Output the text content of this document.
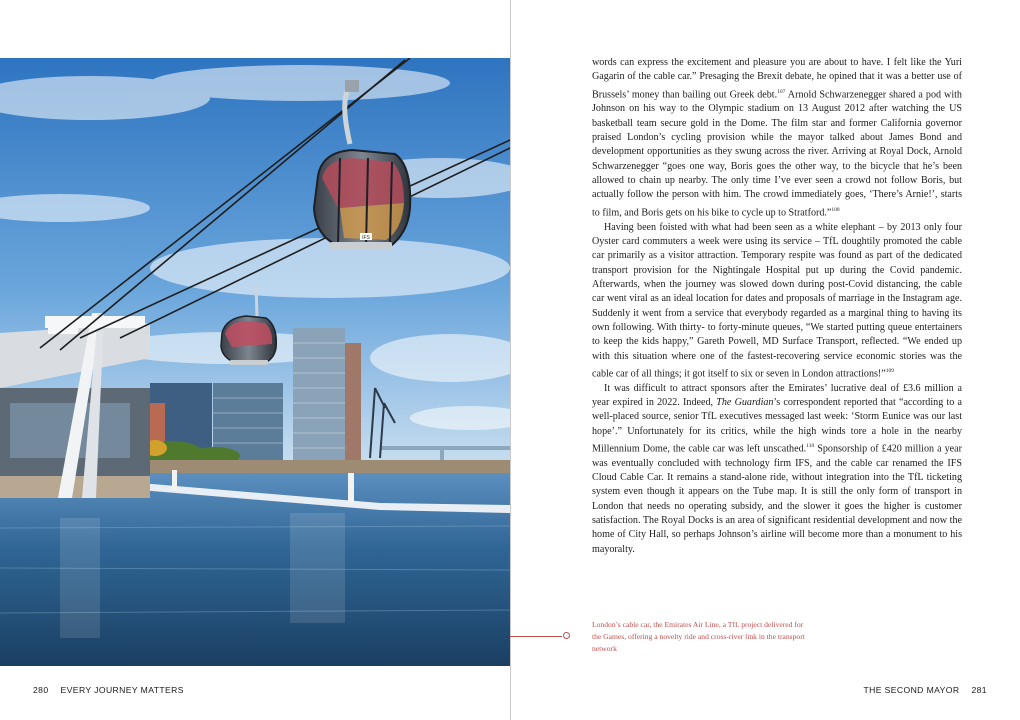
IFS
280 EVERY JOURNEY MATTERS

words can express the excitement and pleasure you are about to have. I felt like the Yuri Gagarin of the cable car.” Presaging the Brexit debate, he opined that it was a better use of Brussels’ money than bailing out Greek debt.$^{107}$ Arnold Schwarzenegger shared a pod with Johnson on his way to the Olympic stadium on 13 August 2012 after watching the US basketball team secure gold in the Dome. The film star and former California governor praised London’s cycling provision while the mayor talked about James Bond and development opportunities as they swung across the river. Arriving at Royal Dock, Arnold Schwarzenegger “goes one way, Boris goes the other way, to the bicycle that he’s been allowed to chain up nearby. The only time I’ve ever seen a crowd not follow Boris, but actually follow the person with him. The crowd immediately goes, ‘There’s Arnie!’, starts to film, and Boris gets on his bike to cycle up to Stratford.”$^{108}$

Having been foisted with what had been seen as a white elephant – by 2013 only four Oyster card commuters a week were using its service – TfL doughtily promoted the cable car primarily as a visitor attraction. Temporary respite was found as part of the dedicated transport provision for the Nightingale Hospital put up during the Covid pandemic. Afterwards, when the journey was slowed down during post-Covid distancing, the cable car went viral as an ideal location for dates and proposals of marriage in the Instagram age. Suddenly it went from a service that everybody regarded as a marginal thing to having its own following. With thirty- to forty-minute queues, “We started putting queue entertainers to keep the kids happy,” Gareth Powell, MD Surface Transport, reflected. “We ended up with this situation where one of the fastest-recovering service economic stories was the cable car of all things; it got itself to six or seven in London attractions!”$^{109}$

It was difficult to attract sponsors after the Emirates’ lucrative deal of £3.6 million a year expired in 2022. Indeed, The Guardian’s correspondent reported that “according to a well-placed source, senior TfL executives messaged last week: ‘Storm Eunice was our last hope’.” Unfortunately for its critics, while the high winds tore a hole in the nearby Millennium Dome, the cable car was left unscathed.$^{110}$ Sponsorship of £420 million a year was eventually concluded with technology firm IFS, and the cable car renamed the IFS Cloud Cable Car. It remains a stand-alone ride, without integration into the TfL ticketing system even though it appears on the Tube map. It is still the only form of transport in London that needs no operating subsidy, and the slower it goes the higher is customer satisfaction. The Royal Docks is an area of significant residential development and now the home of City Hall, so perhaps Johnson’s airline will become more than a monument to his mayoralty.

London’s cable car, the Emirates Air Line, a TfL project delivered for the Games, offering a novelty ride and cross-river link in the transport network
THE SECOND MAYOR 281
